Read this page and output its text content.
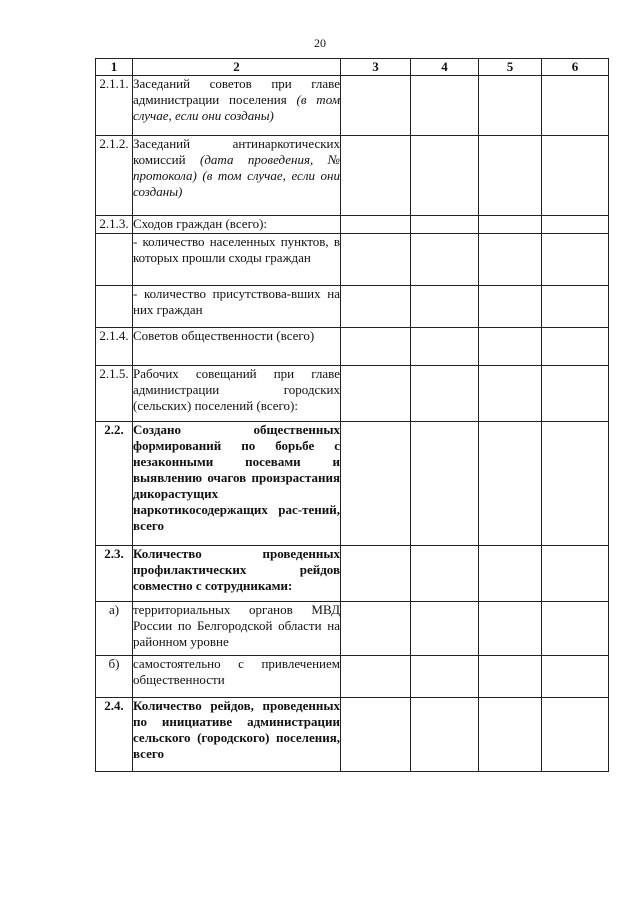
20
1	2	3	4	5	6
2.1.1.	Заседаний советов при главе администрации поселения (в том случае, если они созданы)				
2.1.2.	Заседаний антинаркотических комиссий (дата проведения, № протокола) (в том случае, если они созданы)				
2.1.3.	Сходов граждан (всего):				
	- количество населенных пунктов, в которых прошли сходы граждан				
	- количество присутствова-вших на них граждан				
2.1.4.	Советов общественности (всего)				
2.1.5.	Рабочих совещаний при главе администрации городских (сельских) поселений (всего):				
2.2.	Создано общественных формирований по борьбе с незаконными посевами и выявлению очагов произрастания дикорастущих наркотикосодержащих рас-тений, всего				
2.3.	Количество проведенных профилактических рейдов совместно с сотрудниками:				
а)	территориальных органов МВД России по Белгородской области на районном уровне				
б)	самостоятельно с привлечением общественности				
2.4.	Количество рейдов, проведенных по инициативе администрации сельского (городского) поселения, всего				
